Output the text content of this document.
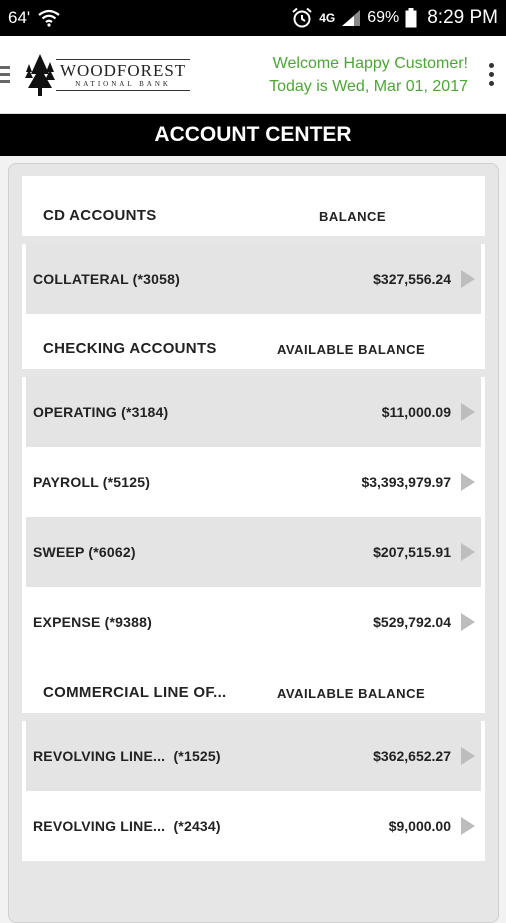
64'	4G 69% 8:29 PM
WOODFOREST
NATIONAL BANK
Welcome Happy Customer!
Today is Wed, Mar 01, 2017
ACCOUNT CENTER
CD ACCOUNTS	BALANCE
COLLATERAL (*3058)	$327,556.24
CHECKING ACCOUNTS	AVAILABLE BALANCE
OPERATING (*3184)	$11,000.09
PAYROLL (*5125)	$3,393,979.97
SWEEP (*6062)	$207,515.91
EXPENSE (*9388)	$529,792.04
COMMERCIAL LINE OF...	AVAILABLE BALANCE
REVOLVING LINE...  (*1525)	$362,652.27
REVOLVING LINE...  (*2434)	$9,000.00
